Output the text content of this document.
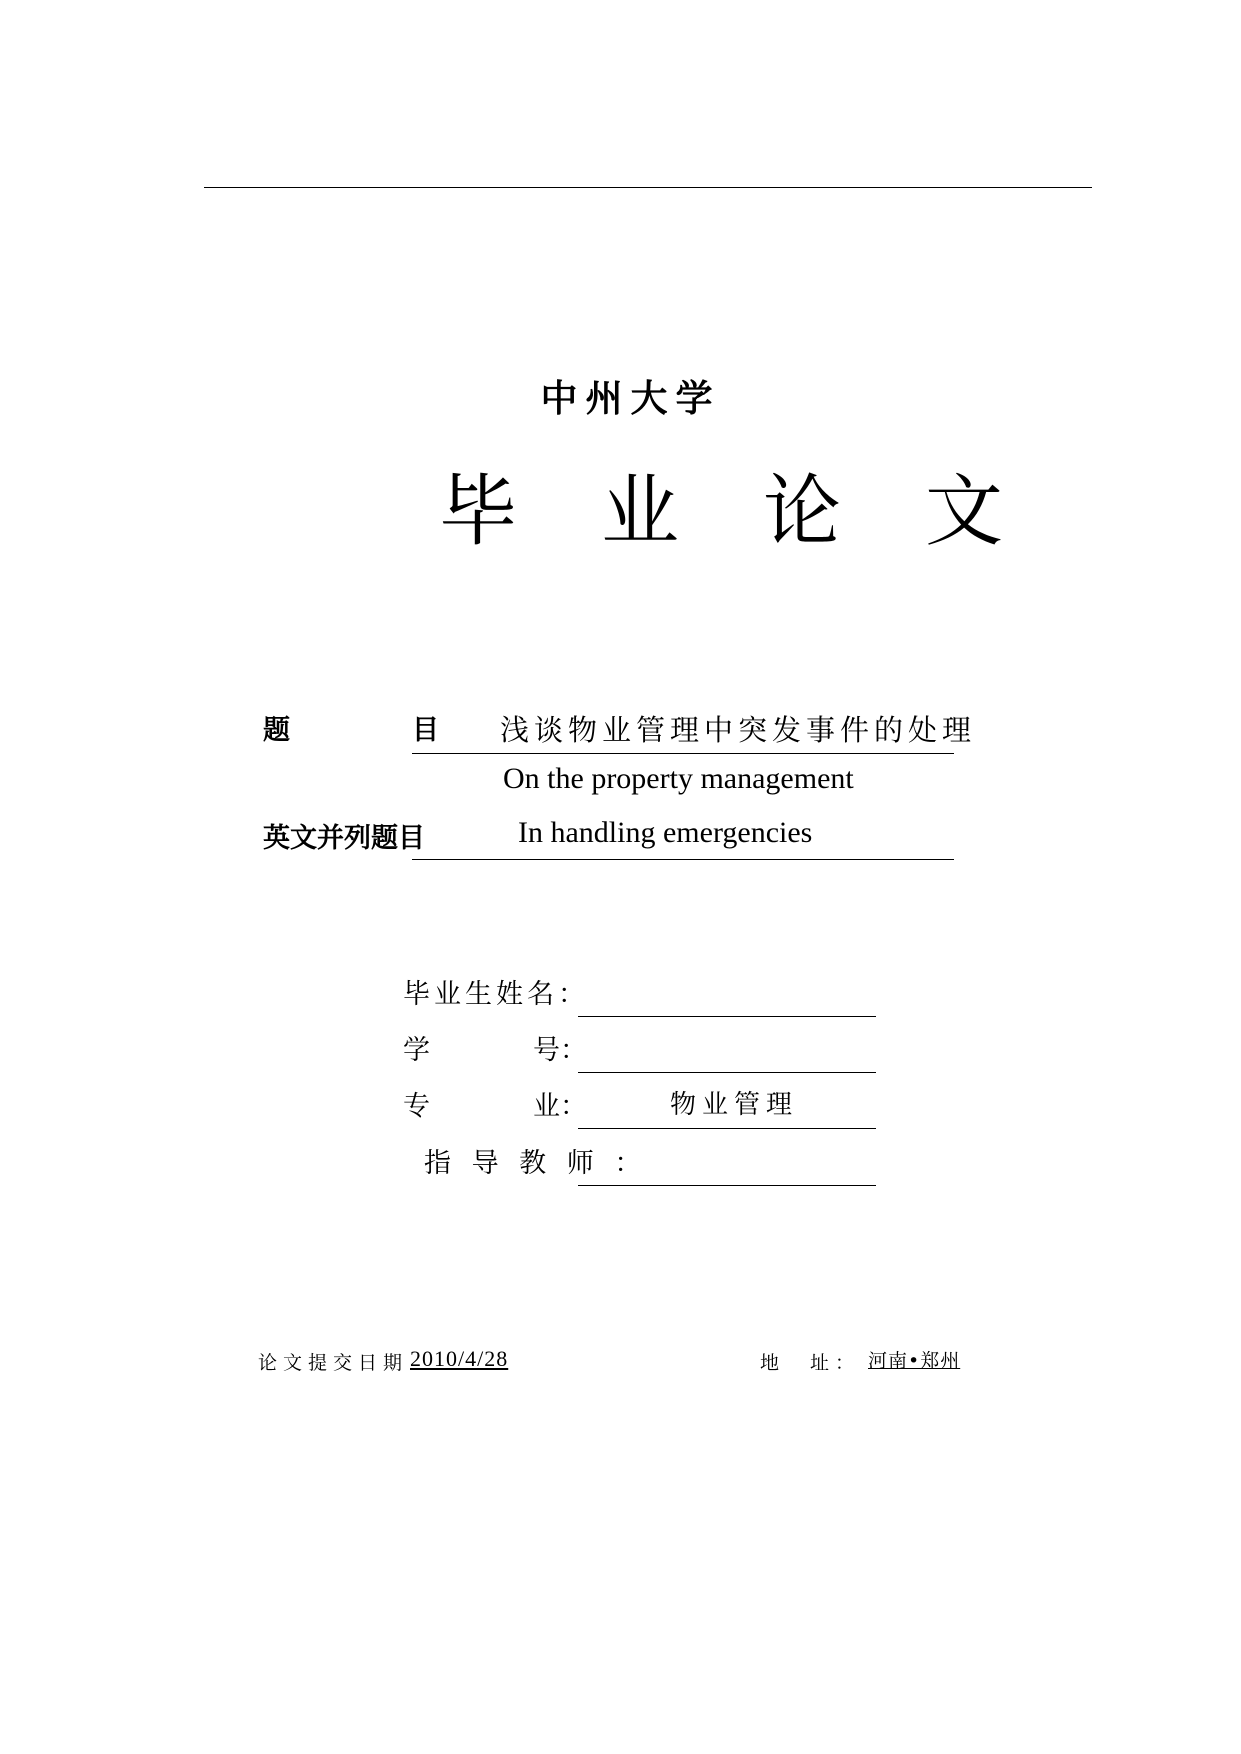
中州大学
毕 业 论 文
题	目 浅谈物业管理中突发事件的处理
On the property management
英文并列题目	In handling emergencies
毕业生姓名：
学	号：
专	业：	物业管理
指 导 教 师 ：
论文提交日期 2010/4/28	地　址： 河南•郑州
